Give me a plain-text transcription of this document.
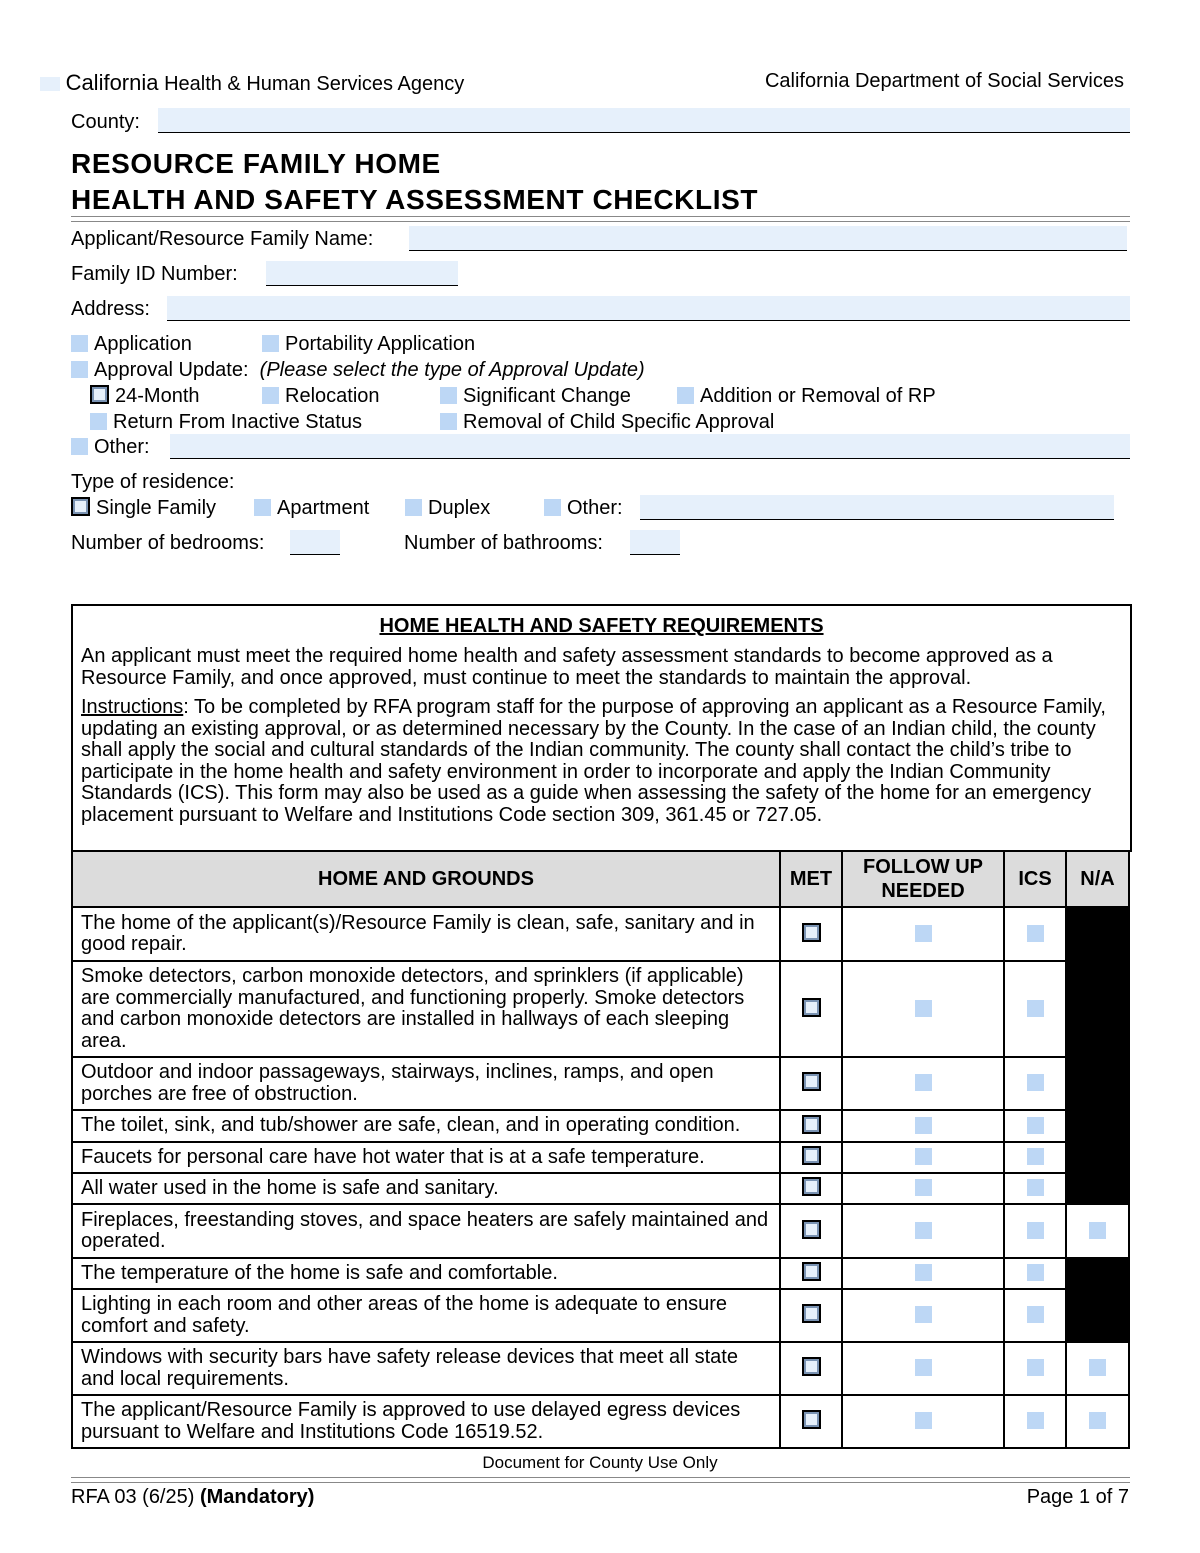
California Health & Human Services Agency	California Department of Social Services
County:
RESOURCE FAMILY HOME
HEALTH AND SAFETY ASSESSMENT CHECKLIST
Applicant/Resource Family Name:
Family ID Number:
Address:
Application	Portability Application
Approval Update: (Please select the type of Approval Update)
24-Month	Relocation	Significant Change	Addition or Removal of RP
Return From Inactive Status	Removal of Child Specific Approval
Other:
Type of residence:
Single Family	Apartment	Duplex	Other:
Number of bedrooms:	Number of bathrooms:
HOME HEALTH AND SAFETY REQUIREMENTS

An applicant must meet the required home health and safety assessment standards to become approved as a Resource Family, and once approved, must continue to meet the standards to maintain the approval.

Instructions: To be completed by RFA program staff for the purpose of approving an applicant as a Resource Family, updating an existing approval, or as determined necessary by the County. In the case of an Indian child, the county shall apply the social and cultural standards of the Indian community. The county shall contact the child’s tribe to participate in the home health and safety environment in order to incorporate and apply the Indian Community Standards (ICS). This form may also be used as a guide when assessing the safety of the home for an emergency placement pursuant to Welfare and Institutions Code section 309, 361.45 or 727.05.

HOME AND GROUNDS	MET	FOLLOW UP NEEDED	ICS	N/A
The home of the applicant(s)/Resource Family is clean, safe, sanitary and in good repair.				
Smoke detectors, carbon monoxide detectors, and sprinklers (if applicable) are commercially manufactured, and functioning properly. Smoke detectors and carbon monoxide detectors are installed in hallways of each sleeping area.				
Outdoor and indoor passageways, stairways, inclines, ramps, and open porches are free of obstruction.				
The toilet, sink, and tub/shower are safe, clean, and in operating condition.				
Faucets for personal care have hot water that is at a safe temperature.				
All water used in the home is safe and sanitary.				
Fireplaces, freestanding stoves, and space heaters are safely maintained and operated.				
The temperature of the home is safe and comfortable.				
Lighting in each room and other areas of the home is adequate to ensure comfort and safety.				
Windows with security bars have safety release devices that meet all state and local requirements.				
The applicant/Resource Family is approved to use delayed egress devices pursuant to Welfare and Institutions Code 16519.52.				
Document for County Use Only
RFA 03 (6/25) (Mandatory)	Page 1 of 7
